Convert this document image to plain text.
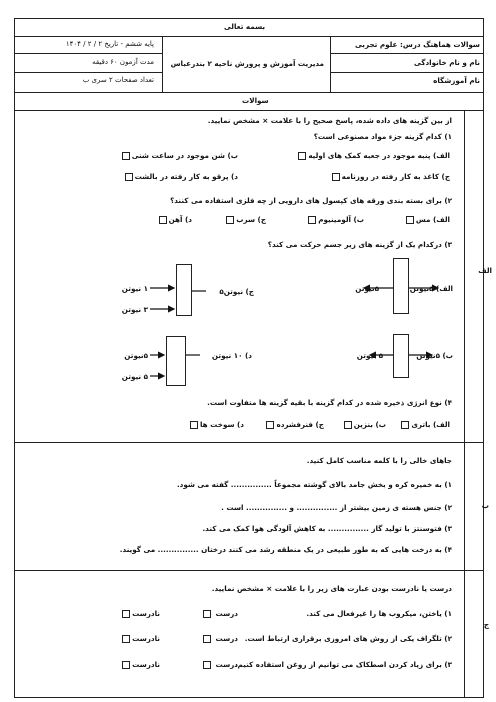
بسمه تعالی
سوالات هماهنگ درس: علوم تجربی
نام و نام خانوادگی
نام آموزشگاه
مدیریت آموزش و پرورش ناحیه ۲ بندرعباس
پایه ششم - تاریخ ۲ / ۲ / ۱۴۰۴
مدت آزمون ۶۰ دقیقه
تعداد صفحات ۲ سری ب
سوالات
الف
ب
ج
از بین گزینه های داده شده، پاسخ صحیح را با علامت × مشخص نمایید.
۱) کدام گزینه جزء مواد مصنوعی است؟
الف) پنبه موجود در جعبه کمک های اولیه
ب) شن موجود در ساعت شنی
ج) کاغذ به کار رفته در روزنامه
د) پرقو به کار رفته در بالشت
۲) برای بسته بندی ورقه های کپسول های دارویی از چه فلزی استفاده می کنند؟
الف) مس
ب) آلومینیوم
ج) سرب
د) آهن
۳) درکدام یک از گزینه های زیر جسم حرکت می کند؟
الف) ۵نیوتن
۵نیوتن
ج) نیوتن۵
۱ نیوتن
۳ نیوتن
ب) ۵نیوتن
۵ نیوتن
د) ۱۰ نیوتن
۵نیوتن
۵ نیوتن
۴) نوع انرژی ذخیره شده در کدام گزینه با بقیه گزینه ها متفاوت است.
الف) باتری
ب) بنزین
ج) فنرفشرده
د) سوخت ها
جاهای خالی را با کلمه مناسب کامل کنید.
۱) به خمیره کره و بخش جامد بالای گوشته مجموعاً ............... گفته می شود.
۲) جنس هسته ی زمین بیشتر از ............... و ............... است .
۳) فتوسنتز با تولید گاز ............... به کاهش آلودگی هوا کمک می کند.
۴) به درخت هایی که به طور طبیعی در یک منطقه رشد می کنند درختان ............... می گویند.
درست یا نادرست بودن عبارت های زیر را با علامت × مشخص نمایید.
۱) یاختن، میکروب ها را غیرفعال می کند.
درست
نادرست
۲) تلگراف یکی از روش های امروزی برقراری ارتباط است.
درست
نادرست
۳) برای زیاد کردن اصطکاک می توانیم از روغن استفاده کنیم.
درست
نادرست
